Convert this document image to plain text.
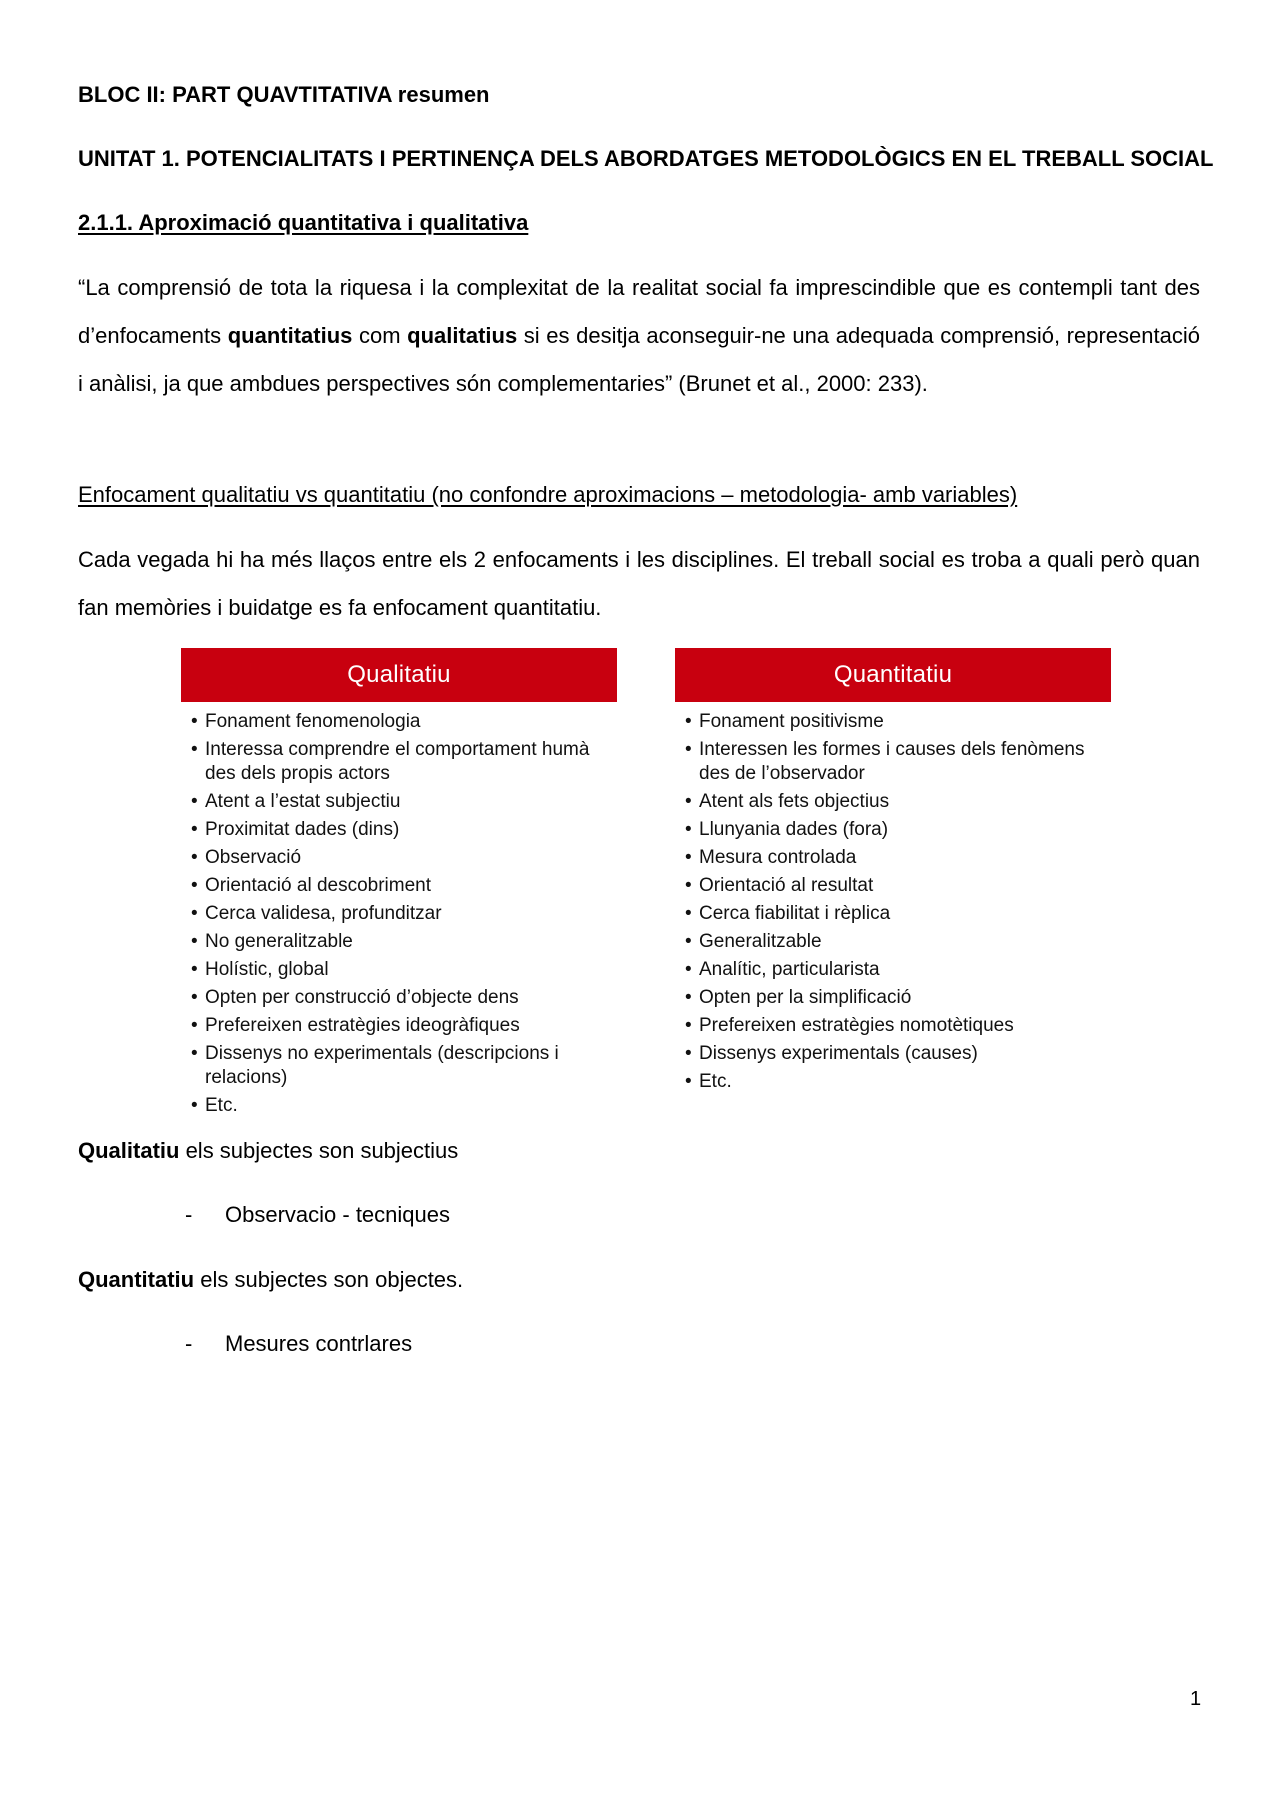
BLOC II: PART QUAVTITATIVA resumen
UNITAT 1. POTENCIALITATS I PERTINENÇA DELS ABORDATGES METODOLÒGICS EN EL TREBALL SOCIAL
2.1.1. Aproximació quantitativa i qualitativa
“La comprensió de tota la riquesa i la complexitat de la realitat social fa imprescindible que es contempli tant des d’enfocaments quantitatius com qualitatius si es desitja aconseguir-ne una adequada comprensió, representació i anàlisi, ja que ambdues perspectives són complementaries” (Brunet et al., 2000: 233).
Enfocament qualitatiu vs quantitatiu (no confondre aproximacions – metodologia- amb variables)
Cada vegada hi ha més llaços entre els 2 enfocaments i les disciplines. El treball social es troba a quali però quan fan memòries i buidatge es fa enfocament quantitatiu.
Qualitatiu
• Fonament fenomenologia
• Interessa comprendre el comportament humà des dels propis actors
• Atent a l’estat subjectiu
• Proximitat dades (dins)
• Observació
• Orientació al descobriment
• Cerca validesa, profunditzar
• No generalitzable
• Holístic, global
• Opten per construcció d’objecte dens
• Prefereixen estratègies ideogràfiques
• Dissenys no experimentals (descripcions i relacions)
• Etc.
Quantitatiu
• Fonament positivisme
• Interessen les formes i causes dels fenòmens des de l’observador
• Atent als fets objectius
• Llunyania dades (fora)
• Mesura controlada
• Orientació al resultat
• Cerca fiabilitat i rèplica
• Generalitzable
• Analític, particularista
• Opten per la simplificació
• Prefereixen estratègies nomotètiques
• Dissenys experimentals (causes)
• Etc.
Qualitatiu els subjectes son subjectius
- Observacio - tecniques
Quantitatiu els subjectes son objectes.
- Mesures contrlares
1
